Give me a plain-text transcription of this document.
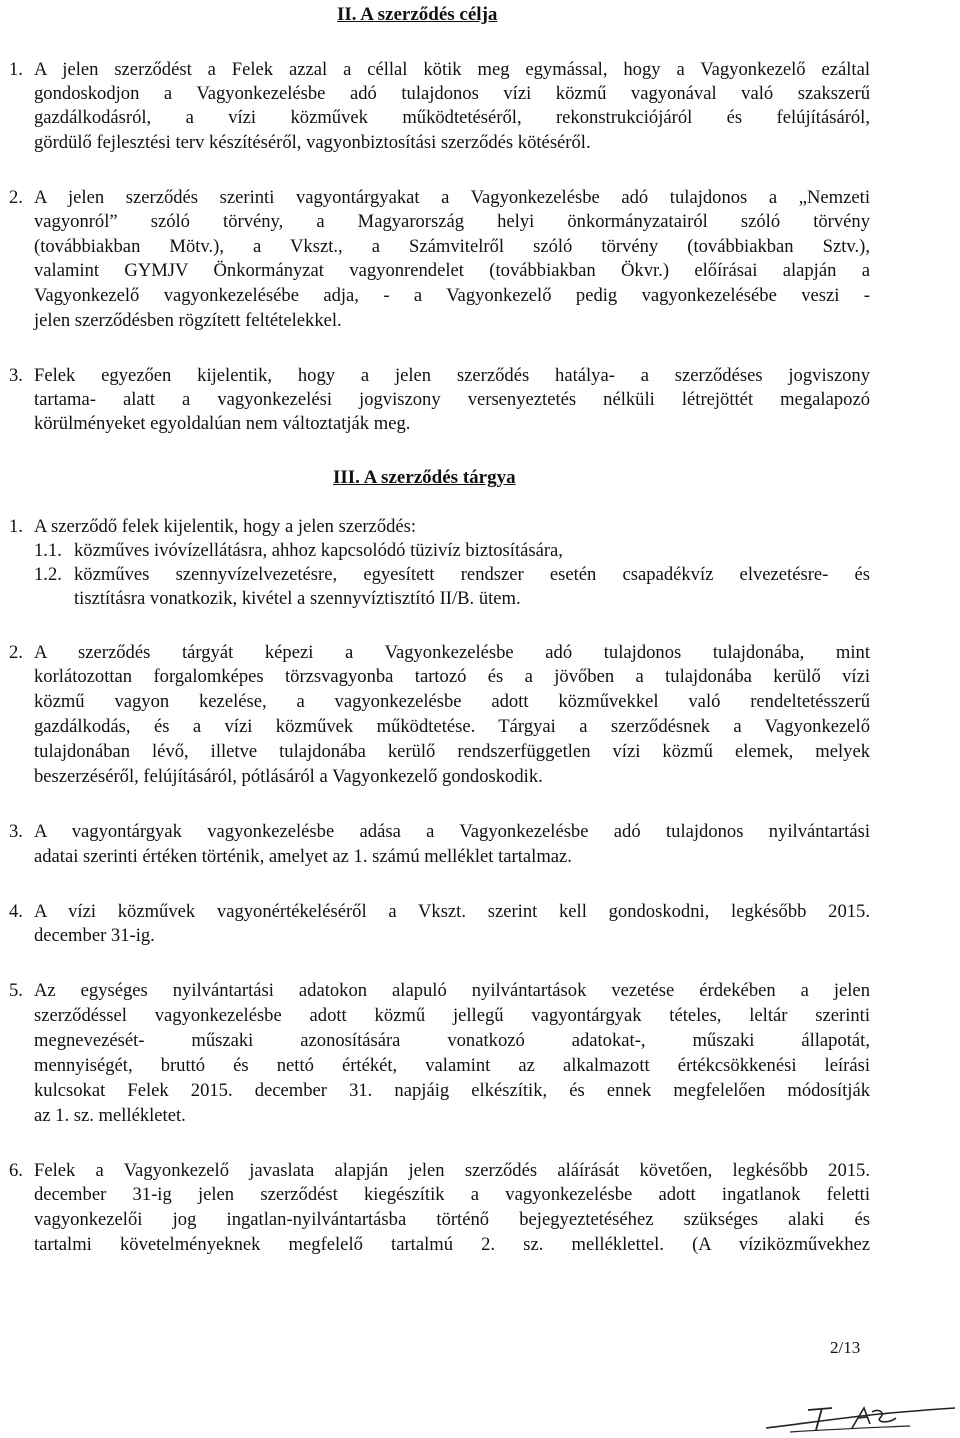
II. A szerződés célja
1. A jelen szerződést a Felek azzal a céllal kötik meg egymással, hogy a Vagyonkezelő ezáltal
gondoskodjon a Vagyonkezelésbe adó tulajdonos vízi közmű vagyonával való szakszerű
gazdálkodásról, a vízi közművek működtetéséről, rekonstrukciójáról és felújításáról,
gördülő fejlesztési terv készítéséről, vagyonbiztosítási szerződés kötéséről.
2. A jelen szerződés szerinti vagyontárgyakat a Vagyonkezelésbe adó tulajdonos a „Nemzeti
vagyonról” szóló törvény, a Magyarország helyi önkormányzatairól szóló törvény
(továbbiakban Mötv.), a Vkszt., a Számvitelről szóló törvény (továbbiakban Sztv.),
valamint GYMJV Önkormányzat vagyonrendelet (továbbiakban Ökvr.) előírásai alapján a
Vagyonkezelő vagyonkezelésébe adja, - a Vagyonkezelő pedig vagyonkezelésébe veszi -
jelen szerződésben rögzített feltételekkel.
3. Felek egyezően kijelentik, hogy a jelen szerződés hatálya- a szerződéses jogviszony
tartama- alatt a vagyonkezelési jogviszony versenyeztetés nélküli létrejöttét megalapozó
körülményeket egyoldalúan nem változtatják meg.
III. A szerződés tárgya
1. A szerződő felek kijelentik, hogy a jelen szerződés:
1.1. közműves ivóvízellátásra, ahhoz kapcsolódó tüzivíz biztosítására,
1.2. közműves szennyvízelvezetésre, egyesített rendszer esetén csapadékvíz elvezetésre- és
tisztításra vonatkozik, kivétel a szennyvíztisztító II/B. ütem.
2. A szerződés tárgyát képezi a Vagyonkezelésbe adó tulajdonos tulajdonába, mint
korlátozottan forgalomképes törzsvagyonba tartozó és a jövőben a tulajdonába kerülő vízi
közmű vagyon kezelése, a vagyonkezelésbe adott közművekkel való rendeltetésszerű
gazdálkodás, és a vízi közművek működtetése. Tárgyai a szerződésnek a Vagyonkezelő
tulajdonában lévő, illetve tulajdonába kerülő rendszerfüggetlen vízi közmű elemek, melyek
beszerzéséről, felújításáról, pótlásáról a Vagyonkezelő gondoskodik.
3. A vagyontárgyak vagyonkezelésbe adása a Vagyonkezelésbe adó tulajdonos nyilvántartási
adatai szerinti értéken történik, amelyet az 1. számú melléklet tartalmaz.
4. A vízi közművek vagyonértékeléséről a Vkszt. szerint kell gondoskodni, legkésőbb 2015.
december 31-ig.
5. Az egységes nyilvántartási adatokon alapuló nyilvántartások vezetése érdekében a jelen
szerződéssel vagyonkezelésbe adott közmű jellegű vagyontárgyak tételes, leltár szerinti
megnevezését- műszaki azonosítására vonatkozó adatokat-, műszaki állapotát,
mennyiségét, bruttó és nettó értékét, valamint az alkalmazott értékcsökkenési leírási
kulcsokat Felek 2015. december 31. napjáig elkészítik, és ennek megfelelően módosítják
az 1. sz. mellékletet.
6. Felek a Vagyonkezelő javaslata alapján jelen szerződés aláírását követően, legkésőbb 2015.
december 31-ig jelen szerződést kiegészítik a vagyonkezelésbe adott ingatlanok feletti
vagyonkezelői jog ingatlan-nyilvántartásba történő bejegyeztetéséhez szükséges alaki és
tartalmi követelményeknek megfelelő tartalmú 2. sz. melléklettel. (A víziközművekhez
2/13
